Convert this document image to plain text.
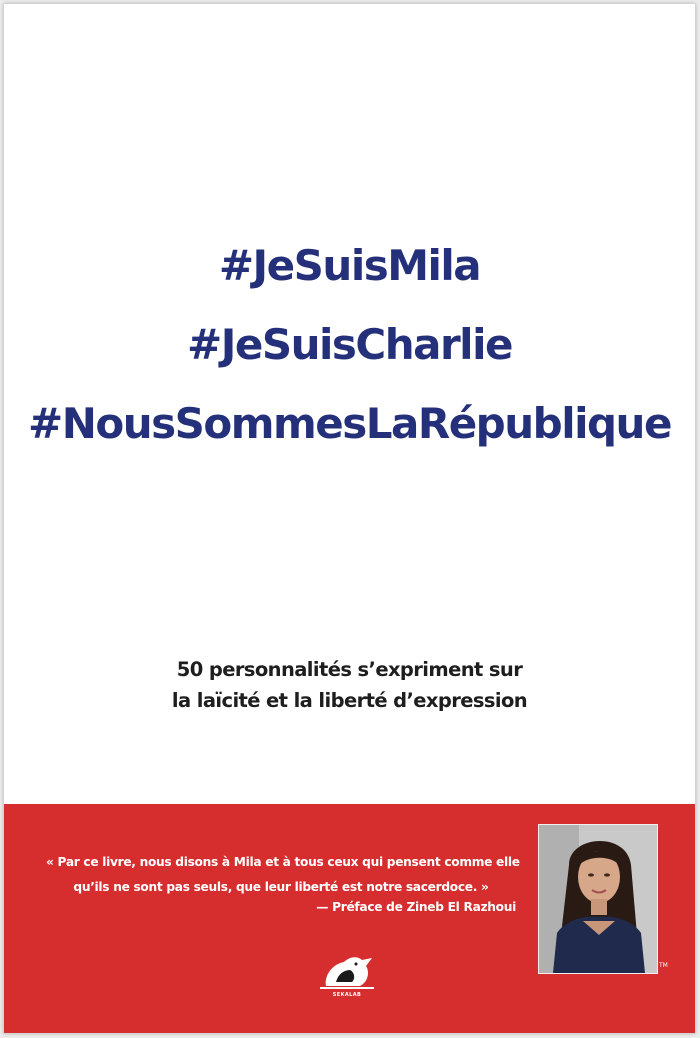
#JeSuisMila
#JeSuisCharlie
#NousSommesLaRépublique
50 personnalités s’expriment sur
la laïcité et la liberté d’expression
« Par ce livre, nous disons à Mila et à tous ceux qui pensent comme elle
qu’ils ne sont pas seuls, que leur liberté est notre sacerdoce. »
— Préface de Zineb El Razhoui
TM
SEKALAB
